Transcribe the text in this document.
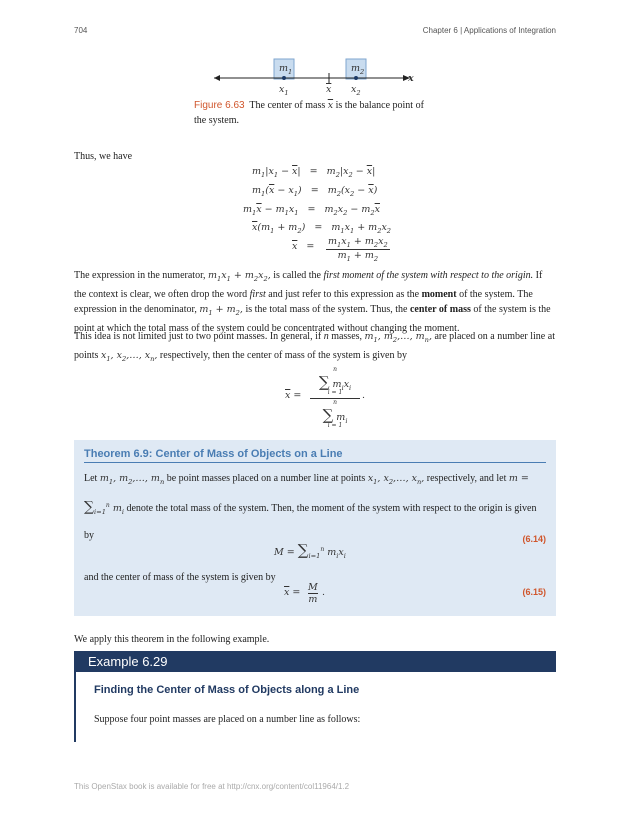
704	Chapter 6 | Applications of Integration
$m_1$	$m_2$
$x_1$	$\overline{x}$ $x_2$
x
Figure 6.63 The center of mass $\overline{x}$ is the balance point of the system.
Thus, we have
$m_1|x_1 - \overline{x}| = m_2|x_2 - \overline{x}|$
$m_1(\overline{x} - x_1) = m_2(x_2 - \overline{x})$
$m_1\overline{x} - m_1x_1 = m_2x_2 - m_2\overline{x}$
$\overline{x}(m_1 + m_2) = m_1x_1 + m_2x_2$
$\overline{x} = m_1x_1 + m_2x_2$
$m_1 + m_2$
The expression in the numerator, $m_1x_1 + m_2x_2$, is called the first moment of the system with respect to the origin. If the context is clear, we often drop the word first and just refer to this expression as the moment of the system. The expression in the denominator, $m_1 + m_2$, is the total mass of the system. Thus, the center of mass of the system is the point at which the total mass of the system could be concentrated without changing the moment.
This idea is not limited just to two point masses. In general, if n masses, $m_1$, $m_2,\dots$, $m_n$, are placed on a number line at points $x_1$, $x_2,\dots$, $x_n$, respectively, then the center of mass of the system is given by
$\overline{x}$ =
n
∑ $m_ix_i$
i = 1
n
∑ $m_i$
i = 1
.
Theorem 6.9: Center of Mass of Objects on a Line
Let $m_1$, $m_2,\dots$, $m_n$ be point masses placed on a number line at points $x_1$, $x_2,\dots$, $x_n$, respectively, and let $m = \sum_{i=1}^n$ $m_i$ denote the total mass of the system. Then, the moment of the system with respect to the origin is given by
$M = \sum_{i=1}^n$ $m_ix_i$
(6.14)
and the center of mass of the system is given by
$\overline{x} = M$
m
.	(6.15)
We apply this theorem in the following example.
Example 6.29
Finding the Center of Mass of Objects along a Line
Suppose four point masses are placed on a number line as follows:
This OpenStax book is available for free at http://cnx.org/content/col11964/1.2
